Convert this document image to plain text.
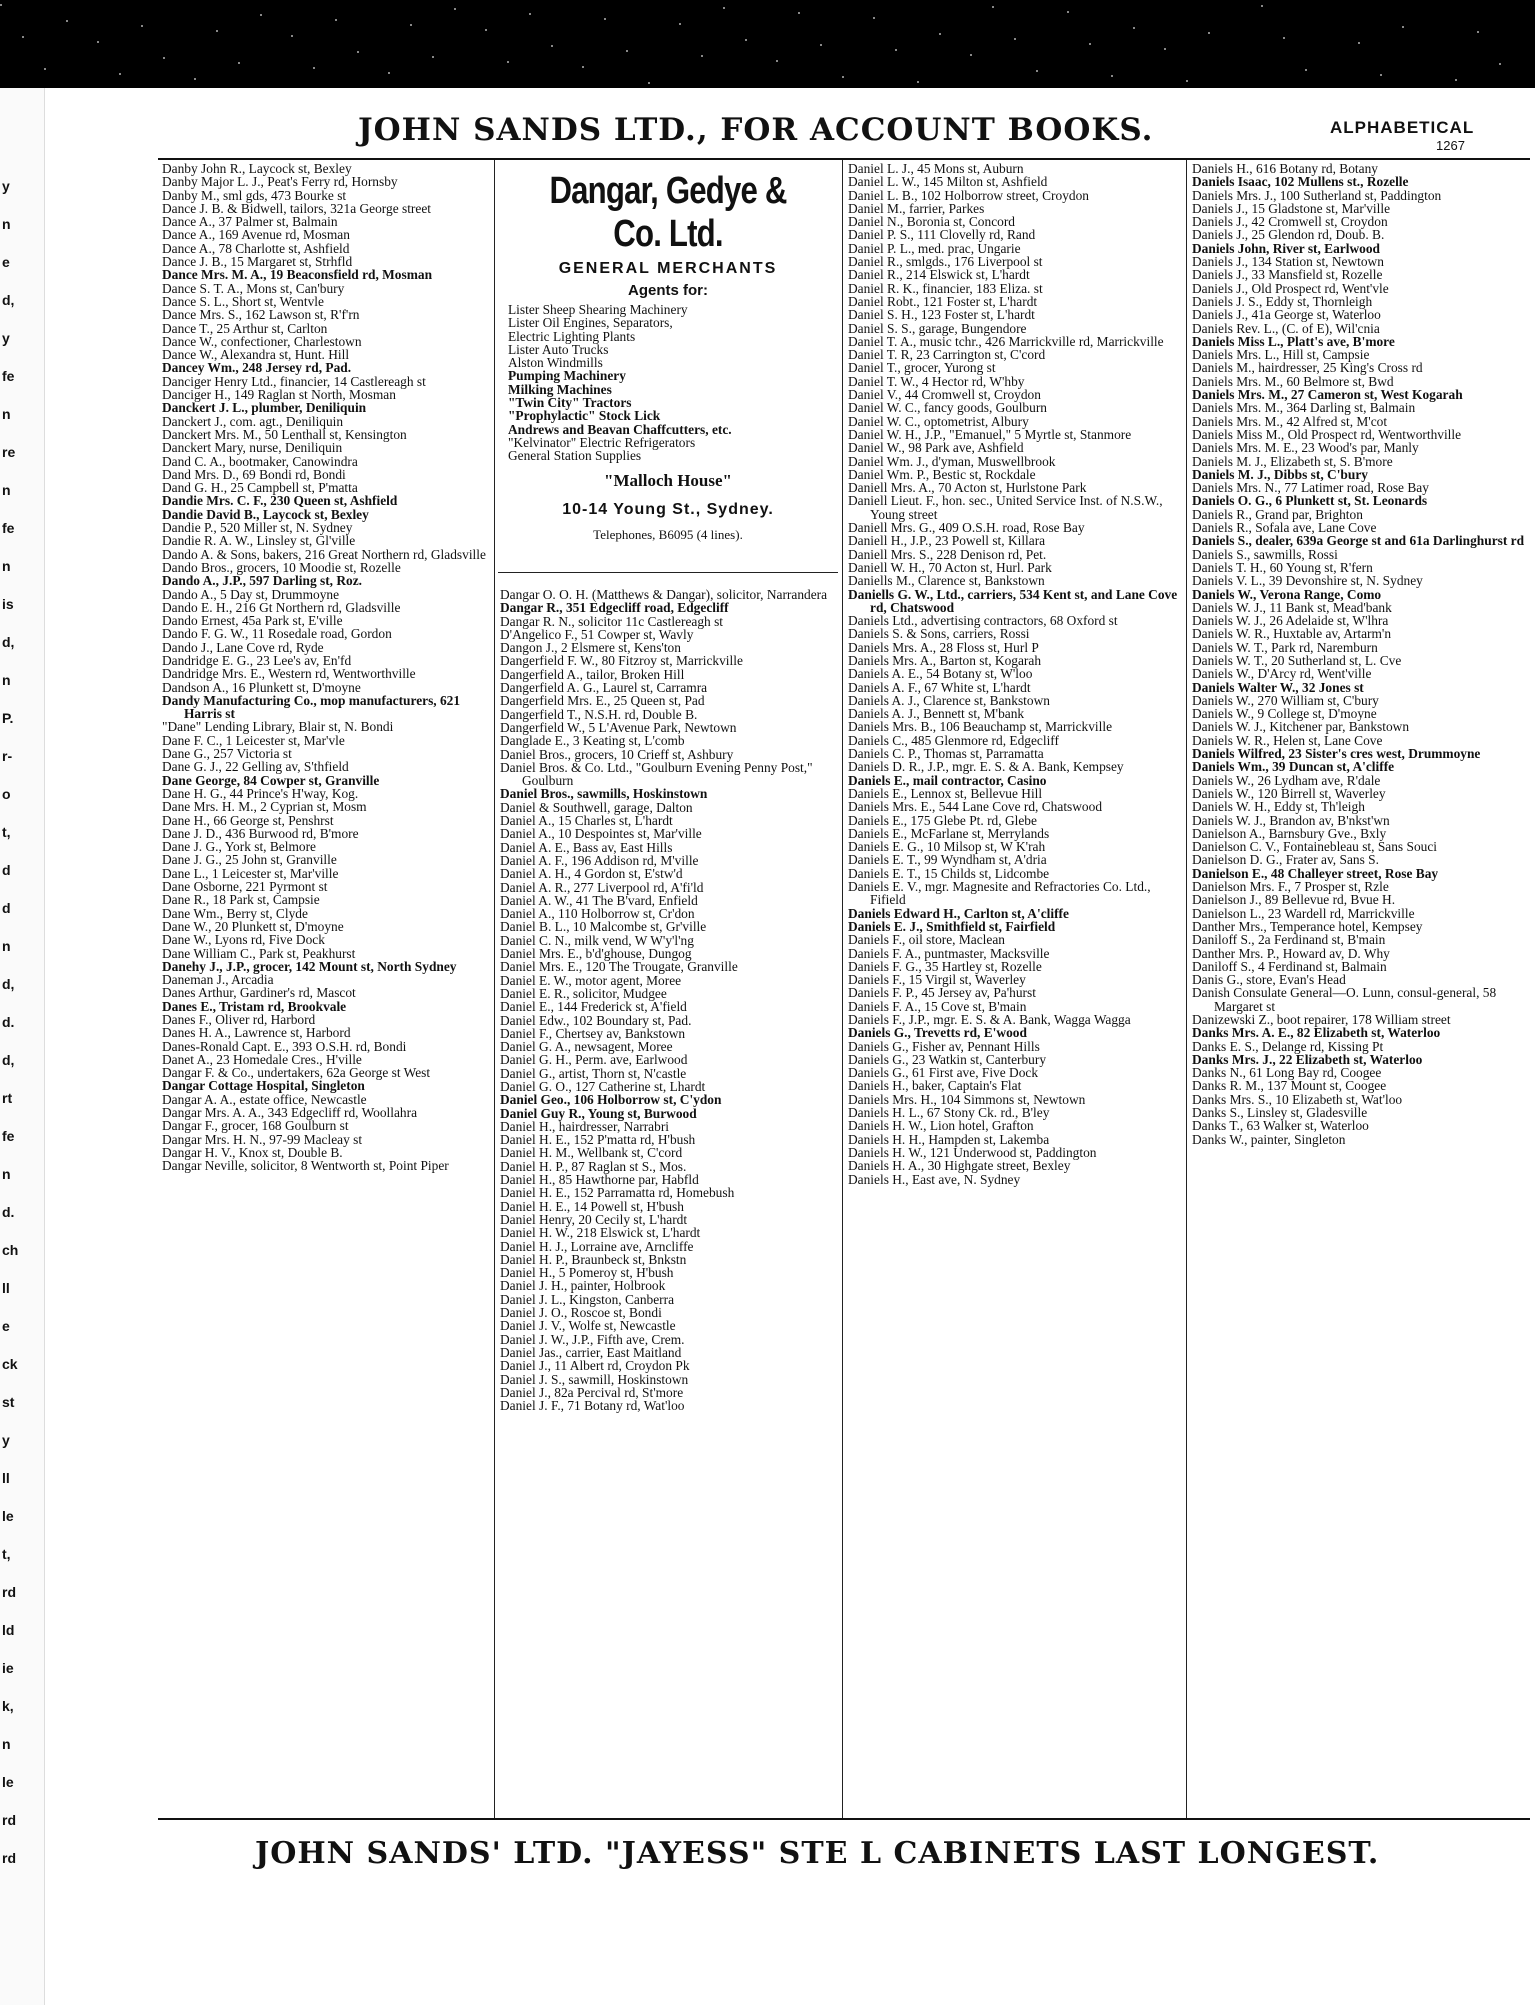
y
n
e
d,
y
fe
n
re
n
fe
n
is
d,
n
P.
r-
o
t,
d
d
n
d,
d.
d,
rt
fe
n
d.
ch
ll
e
ck
st
y
ll
le
t,
rd
ld
ie
k,
n
le
rd
rd
JOHN SANDS LTD., FOR ACCOUNT BOOKS.	ALPHABETICAL
1267

Danby John R., Laycock st, Bexley

Danby Major L. J., Peat's Ferry rd, Hornsby

Danby M., sml gds, 473 Bourke st

Dance J. B. & Bidwell, tailors, 321a George street

Dance A., 37 Palmer st, Balmain

Dance A., 169 Avenue rd, Mosman

Dance A., 78 Charlotte st, Ashfield

Dance J. B., 15 Margaret st, Strhfld

Dance Mrs. M. A., 19 Beaconsfield rd, Mosman

Dance S. T. A., Mons st, Can'bury

Dance S. L., Short st, Wentvle

Dance Mrs. S., 162 Lawson st, R'f'rn

Dance T., 25 Arthur st, Carlton

Dance W., confectioner, Charlestown

Dance W., Alexandra st, Hunt. Hill

Dancey Wm., 248 Jersey rd, Pad.

Danciger Henry Ltd., financier, 14 Castlereagh st

Danciger H., 149 Raglan st North, Mosman

Danckert J. L., plumber, Deniliquin

Danckert J., com. agt., Deniliquin

Danckert Mrs. M., 50 Lenthall st, Kensington

Danckert Mary, nurse, Deniliquin

Dand C. A., bootmaker, Canowindra

Dand Mrs. D., 69 Bondi rd, Bondi

Dand G. H., 25 Campbell st, P'matta

Dandie Mrs. C. F., 230 Queen st, Ashfield

Dandie David B., Laycock st, Bexley

Dandie P., 520 Miller st, N. Sydney

Dandie R. A. W., Linsley st, Gl'ville

Dando A. & Sons, bakers, 216 Great Northern rd, Gladsville

Dando Bros., grocers, 10 Moodie st, Rozelle

Dando A., J.P., 597 Darling st, Roz.

Dando A., 5 Day st, Drummoyne

Dando E. H., 216 Gt Northern rd, Gladsville

Dando Ernest, 45a Park st, E'ville

Dando F. G. W., 11 Rosedale road, Gordon

Dando J., Lane Cove rd, Ryde

Dandridge E. G., 23 Lee's av, En'fd

Dandridge Mrs. E., Western rd, Wentworthville

Dandson A., 16 Plunkett st, D'moyne

Dandy Manufacturing Co., mop manufacturers, 621 Harris st

"Dane" Lending Library, Blair st, N. Bondi

Dane F. C., 1 Leicester st, Mar'vle

Dane G., 257 Victoria st

Dane G. J., 22 Gelling av, S'thfield

Dane George, 84 Cowper st, Granville

Dane H. G., 44 Prince's H'way, Kog.

Dane Mrs. H. M., 2 Cyprian st, Mosm

Dane H., 66 George st, Penshrst

Dane J. D., 436 Burwood rd, B'more

Dane J. G., York st, Belmore

Dane J. G., 25 John st, Granville

Dane L., 1 Leicester st, Mar'ville

Dane Osborne, 221 Pyrmont st

Dane R., 18 Park st, Campsie

Dane Wm., Berry st, Clyde

Dane W., 20 Plunkett st, D'moyne

Dane W., Lyons rd, Five Dock

Dane William C., Park st, Peakhurst

Danehy J., J.P., grocer, 142 Mount st, North Sydney

Daneman J., Arcadia

Danes Arthur, Gardiner's rd, Mascot

Danes E., Tristam rd, Brookvale

Danes F., Oliver rd, Harbord

Danes H. A., Lawrence st, Harbord

Danes-Ronald Capt. E., 393 O.S.H. rd, Bondi

Danet A., 23 Homedale Cres., H'ville

Dangar F. & Co., undertakers, 62a George st West

Dangar Cottage Hospital, Singleton

Dangar A. A., estate office, Newcastle

Dangar Mrs. A. A., 343 Edgecliff rd, Woollahra

Dangar F., grocer, 168 Goulburn st

Dangar Mrs. H. N., 97-99 Macleay st

Dangar H. V., Knox st, Double B.

Dangar Neville, solicitor, 8 Wentworth st, Point Piper

Dangar, Gedye & Co. Ltd.
GENERAL MERCHANTS
Agents for:
Lister Sheep Shearing Machinery
Lister Oil Engines, Separators,
Electric Lighting Plants
Lister Auto Trucks
Alston Windmills
Pumping Machinery
Milking Machines
"Twin City" Tractors
"Prophylactic" Stock Lick
Andrews and Beavan Chaffcutters, etc.
"Kelvinator" Electric Refrigerators
General Station Supplies
"Malloch House"
10-14 Young St., Sydney.
Telephones, B6095 (4 lines).

Dangar O. O. H. (Matthews & Dangar), solicitor, Narrandera

Dangar R., 351 Edgecliff road, Edgecliff

Dangar R. N., solicitor 11c Castlereagh st

D'Angelico F., 51 Cowper st, Wavly

Dangon J., 2 Elsmere st, Kens'ton

Dangerfield F. W., 80 Fitzroy st, Marrickville

Dangerfield A., tailor, Broken Hill

Dangerfield A. G., Laurel st, Carramra

Dangerfield Mrs. E., 25 Queen st, Pad

Dangerfield T., N.S.H. rd, Double B.

Dangerfield W., 5 L'Avenue Park, Newtown

Danglade E., 3 Keating st, L'comb

Daniel Bros., grocers, 10 Crieff st, Ashbury

Daniel Bros. & Co. Ltd., "Goulburn Evening Penny Post," Goulburn

Daniel Bros., sawmills, Hoskinstown

Daniel & Southwell, garage, Dalton

Daniel A., 15 Charles st, L'hardt

Daniel A., 10 Despointes st, Mar'ville

Daniel A. E., Bass av, East Hills

Daniel A. F., 196 Addison rd, M'ville

Daniel A. H., 4 Gordon st, E'stw'd

Daniel A. R., 277 Liverpool rd, A'fi'ld

Daniel A. W., 41 The B'vard, Enfield

Daniel A., 110 Holborrow st, Cr'don

Daniel B. L., 10 Malcombe st, Gr'ville

Daniel C. N., milk vend, W W'y'l'ng

Daniel Mrs. E., b'd'ghouse, Dungog

Daniel Mrs. E., 120 The Trougate, Granville

Daniel E. W., motor agent, Moree

Daniel E. R., solicitor, Mudgee

Daniel E., 144 Frederick st, A'field

Daniel Edw., 102 Boundary st, Pad.

Daniel F., Chertsey av, Bankstown

Daniel G. A., newsagent, Moree

Daniel G. H., Perm. ave, Earlwood

Daniel G., artist, Thorn st, N'castle

Daniel G. O., 127 Catherine st, Lhardt

Daniel Geo., 106 Holborrow st, C'ydon

Daniel Guy R., Young st, Burwood

Daniel H., hairdresser, Narrabri

Daniel H. E., 152 P'matta rd, H'bush

Daniel H. M., Wellbank st, C'cord

Daniel H. P., 87 Raglan st S., Mos.

Daniel H., 85 Hawthorne par, Habfld

Daniel H. E., 152 Parramatta rd, Homebush

Daniel H. E., 14 Powell st, H'bush

Daniel Henry, 20 Cecily st, L'hardt

Daniel H. W., 218 Elswick st, L'hardt

Daniel H. J., Lorraine ave, Arncliffe

Daniel H. P., Braunbeck st, Bnkstn

Daniel H., 5 Pomeroy st, H'bush

Daniel J. H., painter, Holbrook

Daniel J. L., Kingston, Canberra

Daniel J. O., Roscoe st, Bondi

Daniel J. V., Wolfe st, Newcastle

Daniel J. W., J.P., Fifth ave, Crem.

Daniel Jas., carrier, East Maitland

Daniel J., 11 Albert rd, Croydon Pk

Daniel J. S., sawmill, Hoskinstown

Daniel J., 82a Percival rd, St'more

Daniel J. F., 71 Botany rd, Wat'loo

Daniel L. J., 45 Mons st, Auburn

Daniel L. W., 145 Milton st, Ashfield

Daniel L. B., 102 Holborrow street, Croydon

Daniel M., farrier, Parkes

Daniel N., Boronia st, Concord

Daniel P. S., 111 Clovelly rd, Rand

Daniel P. L., med. prac, Ungarie

Daniel R., smlgds., 176 Liverpool st

Daniel R., 214 Elswick st, L'hardt

Daniel R. K., financier, 183 Eliza. st

Daniel Robt., 121 Foster st, L'hardt

Daniel S. H., 123 Foster st, L'hardt

Daniel S. S., garage, Bungendore

Daniel T. A., music tchr., 426 Marrickville rd, Marrickville

Daniel T. R, 23 Carrington st, C'cord

Daniel T., grocer, Yurong st

Daniel T. W., 4 Hector rd, W'hby

Daniel V., 44 Cromwell st, Croydon

Daniel W. C., fancy goods, Goulburn

Daniel W. C., optometrist, Albury

Daniel W. H., J.P., "Emanuel," 5 Myrtle st, Stanmore

Daniel W., 98 Park ave, Ashfield

Daniel Wm. J., d'yman, Muswellbrook

Daniel Wm. P., Bestic st, Rockdale

Daniell Mrs. A., 70 Acton st, Hurlstone Park

Daniell Lieut. F., hon. sec., United Service Inst. of N.S.W., Young street

Daniell Mrs. G., 409 O.S.H. road, Rose Bay

Daniell H., J.P., 23 Powell st, Killara

Daniell Mrs. S., 228 Denison rd, Pet.

Daniell W. H., 70 Acton st, Hurl. Park

Daniells M., Clarence st, Bankstown

Daniells G. W., Ltd., carriers, 534 Kent st, and Lane Cove rd, Chatswood

Daniels Ltd., advertising contractors, 68 Oxford st

Daniels S. & Sons, carriers, Rossi

Daniels Mrs. A., 28 Floss st, Hurl P

Daniels Mrs. A., Barton st, Kogarah

Daniels A. E., 54 Botany st, W'loo

Daniels A. F., 67 White st, L'hardt

Daniels A. J., Clarence st, Bankstown

Daniels A. J., Bennett st, M'bank

Daniels Mrs. B., 106 Beauchamp st, Marrickville

Daniels C., 485 Glenmore rd, Edgecliff

Daniels C. P., Thomas st, Parramatta

Daniels D. R., J.P., mgr. E. S. & A. Bank, Kempsey

Daniels E., mail contractor, Casino

Daniels E., Lennox st, Bellevue Hill

Daniels Mrs. E., 544 Lane Cove rd, Chatswood

Daniels E., 175 Glebe Pt. rd, Glebe

Daniels E., McFarlane st, Merrylands

Daniels E. G., 10 Milsop st, W K'rah

Daniels E. T., 99 Wyndham st, A'dria

Daniels E. T., 15 Childs st, Lidcombe

Daniels E. V., mgr. Magnesite and Refractories Co. Ltd., Fifield

Daniels Edward H., Carlton st, A'cliffe

Daniels E. J., Smithfield st, Fairfield

Daniels F., oil store, Maclean

Daniels F. A., puntmaster, Macksville

Daniels F. G., 35 Hartley st, Rozelle

Daniels F., 15 Virgil st, Waverley

Daniels F. P., 45 Jersey av, Pa'hurst

Daniels F. A., 15 Cove st, B'main

Daniels F., J.P., mgr. E. S. & A. Bank, Wagga Wagga

Daniels G., Trevetts rd, E'wood

Daniels G., Fisher av, Pennant Hills

Daniels G., 23 Watkin st, Canterbury

Daniels G., 61 First ave, Five Dock

Daniels H., baker, Captain's Flat

Daniels Mrs. H., 104 Simmons st, Newtown

Daniels H. L., 67 Stony Ck. rd., B'ley

Daniels H. W., Lion hotel, Grafton

Daniels H. H., Hampden st, Lakemba

Daniels H. W., 121 Underwood st, Paddington

Daniels H. A., 30 Highgate street, Bexley

Daniels H., East ave, N. Sydney

Daniels H., 616 Botany rd, Botany

Daniels Isaac, 102 Mullens st., Rozelle

Daniels Mrs. J., 100 Sutherland st, Paddington

Daniels J., 15 Gladstone st, Mar'ville

Daniels J., 42 Cromwell st, Croydon

Daniels J., 25 Glendon rd, Doub. B.

Daniels John, River st, Earlwood

Daniels J., 134 Station st, Newtown

Daniels J., 33 Mansfield st, Rozelle

Daniels J., Old Prospect rd, Went'vle

Daniels J. S., Eddy st, Thornleigh

Daniels J., 41a George st, Waterloo

Daniels Rev. L., (C. of E), Wil'cnia

Daniels Miss L., Platt's ave, B'more

Daniels Mrs. L., Hill st, Campsie

Daniels M., hairdresser, 25 King's Cross rd

Daniels Mrs. M., 60 Belmore st, Bwd

Daniels Mrs. M., 27 Cameron st, West Kogarah

Daniels Mrs. M., 364 Darling st, Balmain

Daniels Mrs. M., 42 Alfred st, M'cot

Daniels Miss M., Old Prospect rd, Wentworthville

Daniels Mrs. M. E., 23 Wood's par, Manly

Daniels M. J., Elizabeth st, S. B'more

Daniels M. J., Dibbs st, C'bury

Daniels Mrs. N., 77 Latimer road, Rose Bay

Daniels O. G., 6 Plunkett st, St. Leonards

Daniels R., Grand par, Brighton

Daniels R., Sofala ave, Lane Cove

Daniels S., dealer, 639a George st and 61a Darlinghurst rd

Daniels S., sawmills, Rossi

Daniels T. H., 60 Young st, R'fern

Daniels V. L., 39 Devonshire st, N. Sydney

Daniels W., Verona Range, Como

Daniels W. J., 11 Bank st, Mead'bank

Daniels W. J., 26 Adelaide st, W'lhra

Daniels W. R., Huxtable av, Artarm'n

Daniels W. T., Park rd, Naremburn

Daniels W. T., 20 Sutherland st, L. Cve

Daniels W., D'Arcy rd, Went'ville

Daniels Walter W., 32 Jones st

Daniels W., 270 William st, C'bury

Daniels W., 9 College st, D'moyne

Daniels W. J., Kitchener par, Bankstown

Daniels W. R., Helen st, Lane Cove

Daniels Wilfred, 23 Sister's cres west, Drummoyne

Daniels Wm., 39 Duncan st, A'cliffe

Daniels W., 26 Lydham ave, R'dale

Daniels W., 120 Birrell st, Waverley

Daniels W. H., Eddy st, Th'leigh

Daniels W. J., Brandon av, B'nkst'wn

Danielson A., Barnsbury Gve., Bxly

Danielson C. V., Fontainebleau st, Sans Souci

Danielson D. G., Frater av, Sans S.

Danielson E., 48 Challeyer street, Rose Bay

Danielson Mrs. F., 7 Prosper st, Rzle

Danielson J., 89 Bellevue rd, Bvue H.

Danielson L., 23 Wardell rd, Marrickville

Danther Mrs., Temperance hotel, Kempsey

Daniloff S., 2a Ferdinand st, B'main

Danther Mrs. P., Howard av, D. Why

Daniloff S., 4 Ferdinand st, Balmain

Danis G., store, Evan's Head

Danish Consulate General—O. Lunn, consul-general, 58 Margaret st

Danizewski Z., boot repairer, 178 William street

Danks Mrs. A. E., 82 Elizabeth st, Waterloo

Danks E. S., Delange rd, Kissing Pt

Danks Mrs. J., 22 Elizabeth st, Waterloo

Danks N., 61 Long Bay rd, Coogee

Danks R. M., 137 Mount st, Coogee

Danks Mrs. S., 10 Elizabeth st, Wat'loo

Danks S., Linsley st, Gladesville

Danks T., 63 Walker st, Waterloo

Danks W., painter, Singleton

JOHN SANDS' LTD. "JAYESS" STE L CABINETS LAST LONGEST.
